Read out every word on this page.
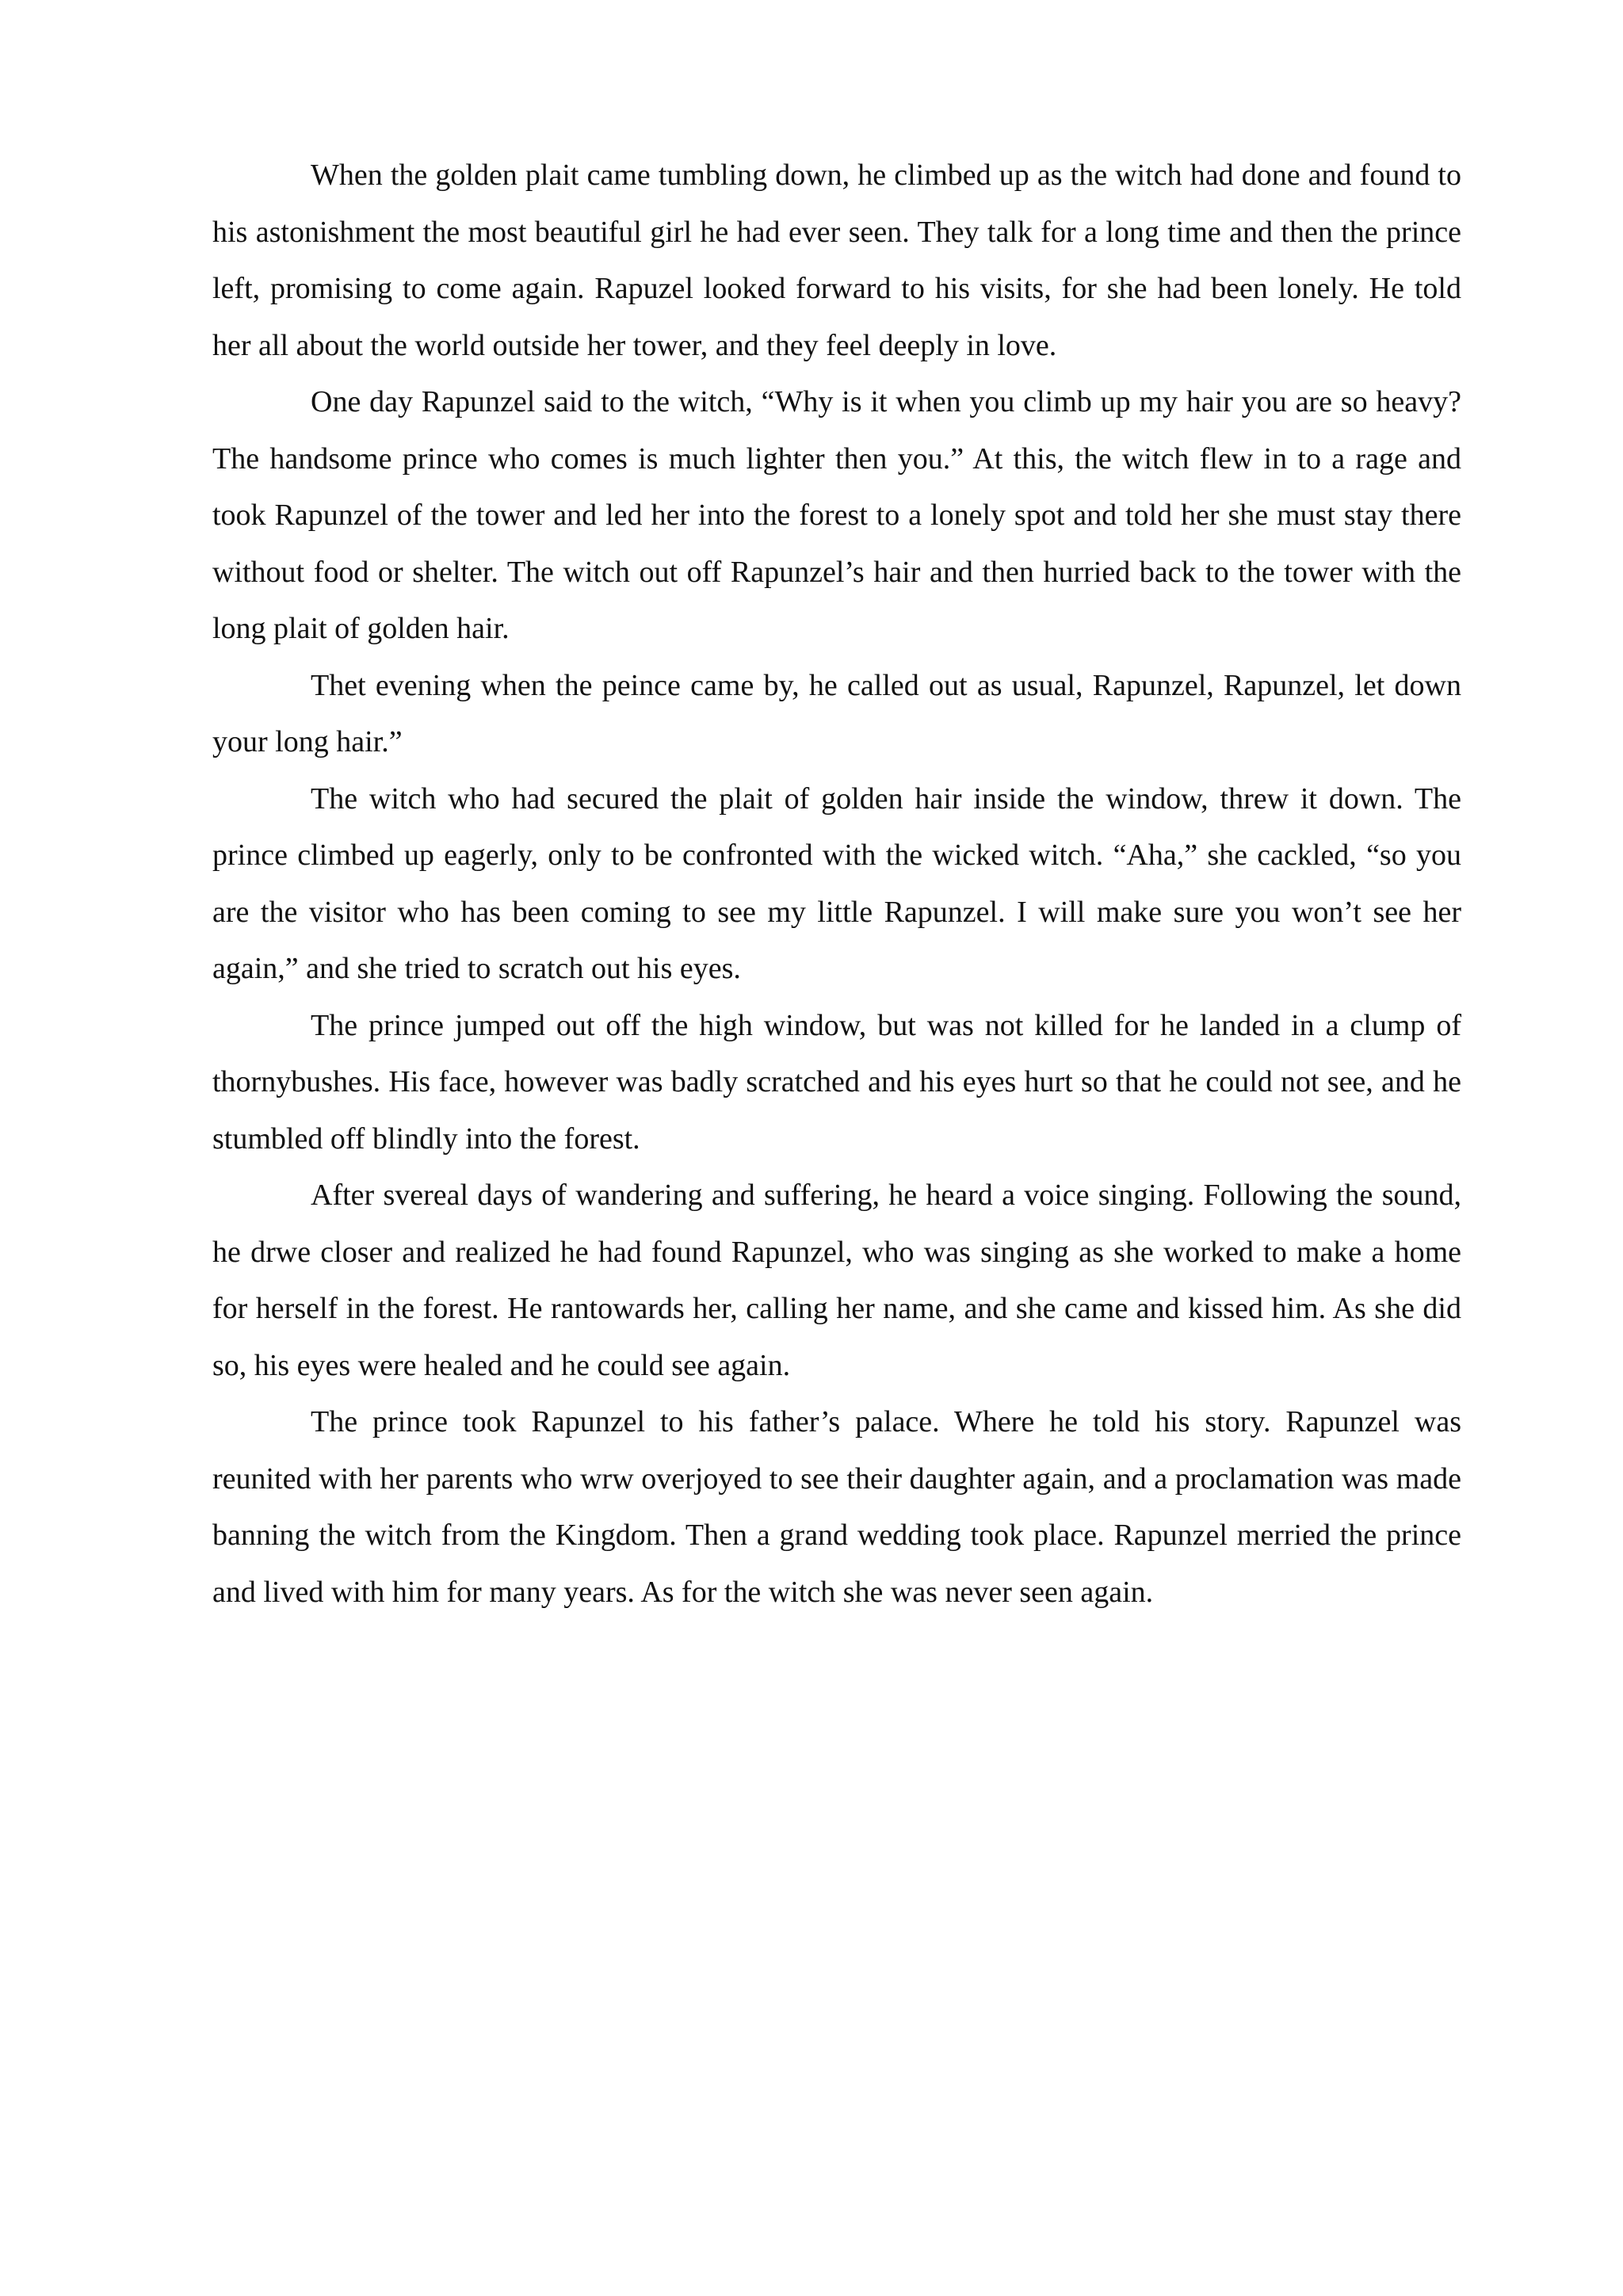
When the golden plait came tumbling down, he climbed up as the witch had done and found to his astonishment the most beautiful girl he had ever seen. They talk for a long time and then the prince left, promising to come again. Rapuzel looked forward to his visits, for she had been lonely. He told her all about the world outside her tower, and they feel deeply in love.

One day Rapunzel said to the witch, “Why is it when you climb up my hair you are so heavy? The handsome prince who comes is much lighter then you.” At this, the witch flew in to a rage and took Rapunzel of the tower and led her into the forest to a lonely spot and told her she must stay there without food or shelter. The witch out off Rapunzel’s hair and then hurried back to the tower with the long plait of golden hair.

Thet evening when the peince came by, he called out as usual, Rapunzel, Rapunzel, let down your long hair.”

The witch who had secured the plait of golden hair inside the window, threw it down. The prince climbed up eagerly, only to be confronted with the wicked witch. “Aha,” she cackled, “so you are the visitor who has been coming to see my little Rapunzel. I will make sure you won’t see her again,” and she tried to scratch out his eyes.

The prince jumped out off the high window, but was not killed for he landed in a clump of thornybushes. His face, however was badly scratched and his eyes hurt so that he could not see, and he stumbled off blindly into the forest.

After svereal days of wandering and suffering, he heard a voice singing. Following the sound, he drwe closer and realized he had found Rapunzel, who was singing as she worked to make a home for herself in the forest. He rantowards her, calling her name, and she came and kissed him. As she did so, his eyes were healed and he could see again.

The prince took Rapunzel to his father’s palace. Where he told his story. Rapunzel was reunited with her parents who wrw overjoyed to see their daughter again, and a proclamation was made banning the witch from the Kingdom. Then a grand wedding took place. Rapunzel merried the prince and lived with him for many years. As for the witch she was never seen again.
